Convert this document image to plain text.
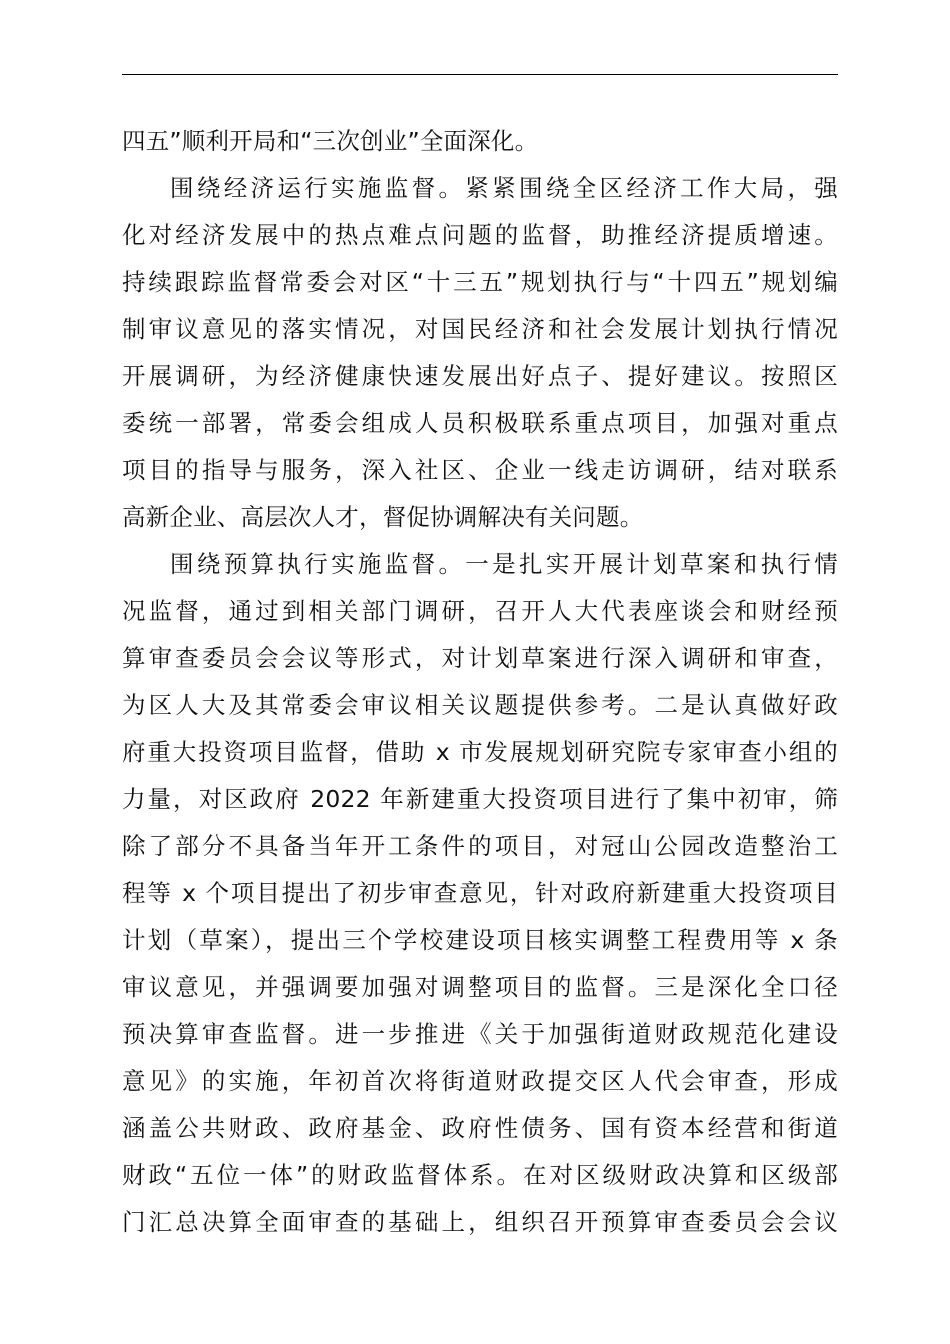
四五”顺利开局和“三次创业”全面深化。
围绕经济运行实施监督。紧紧围绕全区经济工作大局，强
化对经济发展中的热点难点问题的监督，助推经济提质增速。
持续跟踪监督常委会对区“十三五”规划执行与“十四五”规划编
制审议意见的落实情况，对国民经济和社会发展计划执行情况
开展调研，为经济健康快速发展出好点子、提好建议。按照区
委统一部署，常委会组成人员积极联系重点项目，加强对重点
项目的指导与服务，深入社区、企业一线走访调研，结对联系
高新企业、高层次人才，督促协调解决有关问题。
围绕预算执行实施监督。一是扎实开展计划草案和执行情
况监督，通过到相关部门调研，召开人大代表座谈会和财经预
算审查委员会会议等形式，对计划草案进行深入调研和审查，
为区人大及其常委会审议相关议题提供参考。二是认真做好政
府重大投资项目监督，借助 x 市发展规划研究院专家审查小组的
力量，对区政府 2022 年新建重大投资项目进行了集中初审，筛
除了部分不具备当年开工条件的项目，对冠山公园改造整治工
程等 x 个项目提出了初步审查意见，针对政府新建重大投资项目
计划（草案），提出三个学校建设项目核实调整工程费用等 x 条
审议意见，并强调要加强对调整项目的监督。三是深化全口径
预决算审查监督。进一步推进《关于加强街道财政规范化建设
意见》的实施，年初首次将街道财政提交区人代会审查，形成
涵盖公共财政、政府基金、政府性债务、国有资本经营和街道
财政“五位一体”的财政监督体系。在对区级财政决算和区级部
门汇总决算全面审查的基础上，组织召开预算审查委员会会议
